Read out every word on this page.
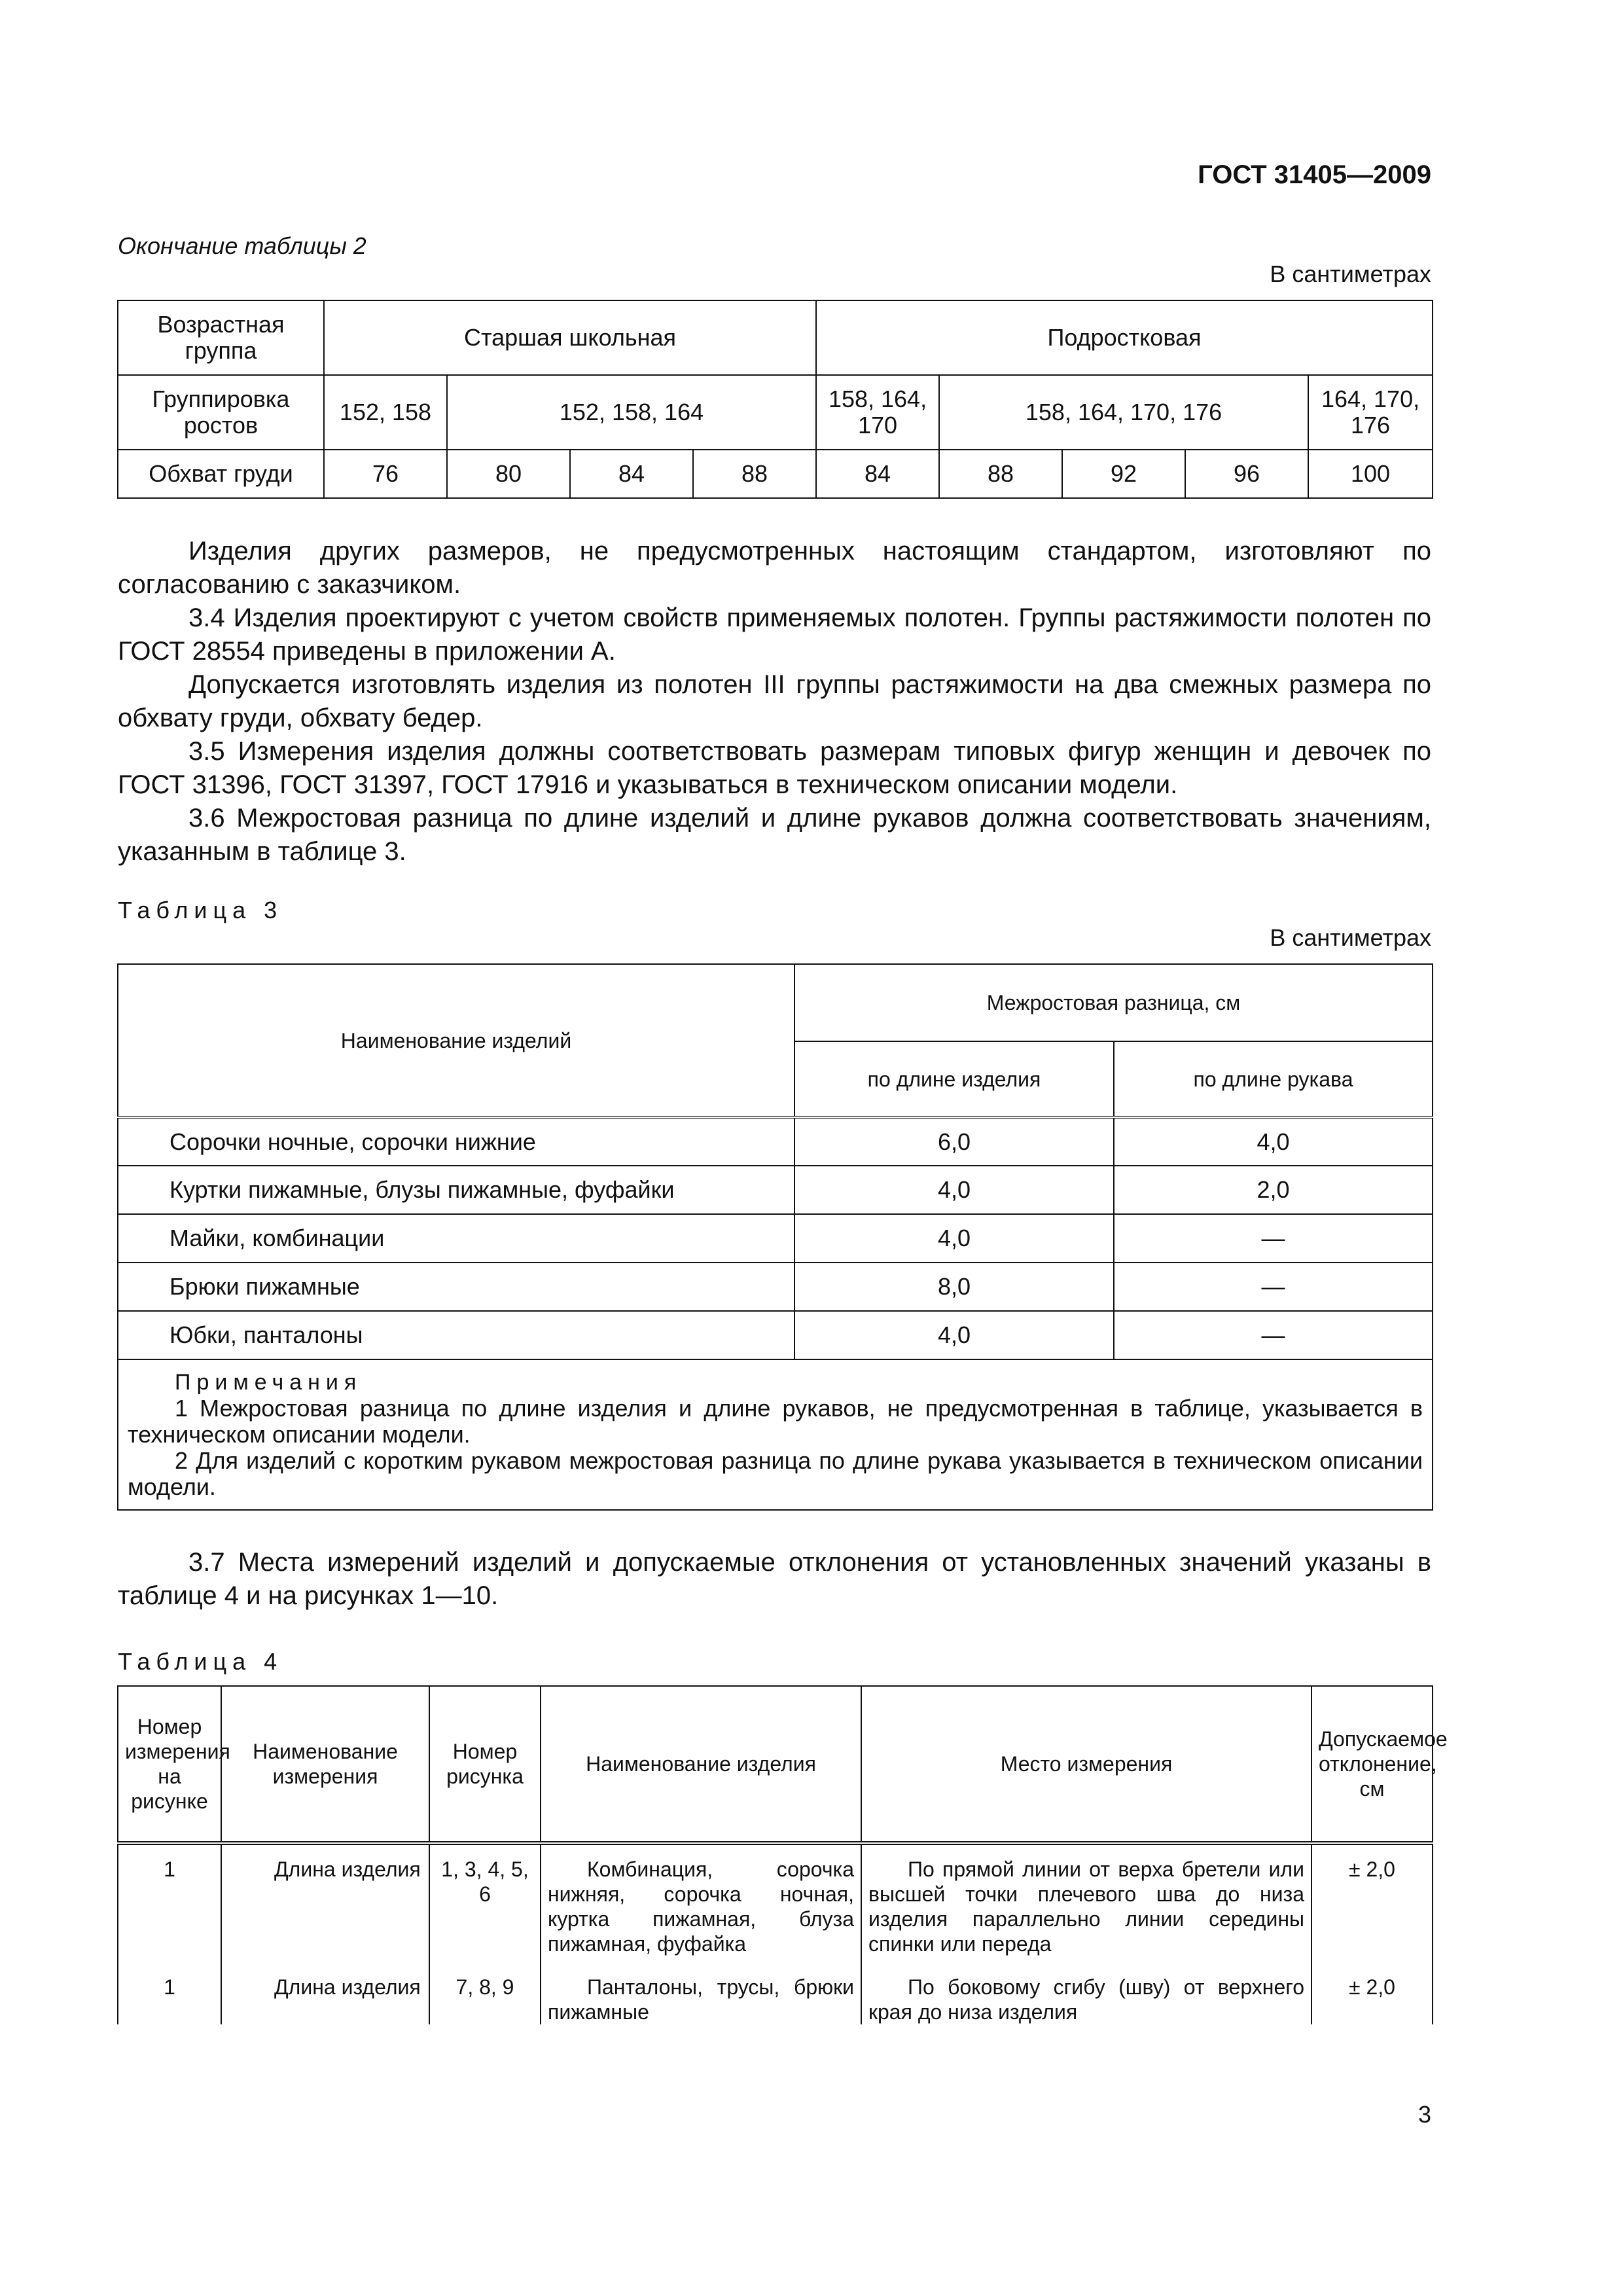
ГОСТ 31405—2009
Окончание таблицы 2
В сантиметрах
Возрастная группа	Старшая школьная				Подростковая				
Группировка ростов	152, 158	152, 158, 164			158, 164, 170	158, 164, 170, 176			164, 170, 176
Обхват груди	76	80	84	88	84	88	92	96	100

Изделия других размеров, не предусмотренных настоящим стандартом, изготовляют по согласованию с заказчиком.

3.4 Изделия проектируют с учетом свойств применяемых полотен. Группы растяжимости полотен по ГОСТ 28554 приведены в приложении А.

Допускается изготовлять изделия из полотен III группы растяжимости на два смежных размера по обхвату груди, обхвату бедер.

3.5 Измерения изделия должны соответствовать размерам типовых фигур женщин и девочек по ГОСТ 31396, ГОСТ 31397, ГОСТ 17916 и указываться в техническом описании модели.

3.6 Межростовая разница по длине изделий и длине рукавов должна соответствовать значениям, указанным в таблице 3.

Таблица 3
В сантиметрах
Наименование изделий	Межростовая разница, см	
	по длине изделия	по длине рукава
Сорочки ночные, сорочки нижние	6,0	4,0
Куртки пижамные, блузы пижамные, фуфайки	4,0	2,0
Майки, комбинации	4,0	—
Брюки пижамные	8,0	—
Юбки, панталоны	4,0	—

Примечания

1 Межростовая разница по длине изделия и длине рукавов, не предусмотренная в таблице, указывается в техническом описании модели.

2 Для изделий с коротким рукавом межростовая разница по длине рукава указывается в техническом описании модели.		

3.7 Места измерений изделий и допускаемые отклонения от установленных значений указаны в таблице 4 и на рисунках 1—10.

Таблица 4
Номер измерения на рисунке	Наименование измерения	Номер рисунка	Наименование изделия	Место измерения	Допускаемое отклонение, см
1	Длина изделия	1, 3, 4, 5, 6	Комбинация, сорочка нижняя, сорочка ночная, куртка пижамная, блуза пижамная, фуфайка	По прямой линии от верха бретели или высшей точки плечевого шва до низа изделия параллельно линии середины спинки или переда	± 2,0
1	Длина изделия	7, 8, 9	Панталоны, трусы, брюки пижамные	По боковому сгибу (шву) от верхнего края до низа изделия	± 2,0
3
